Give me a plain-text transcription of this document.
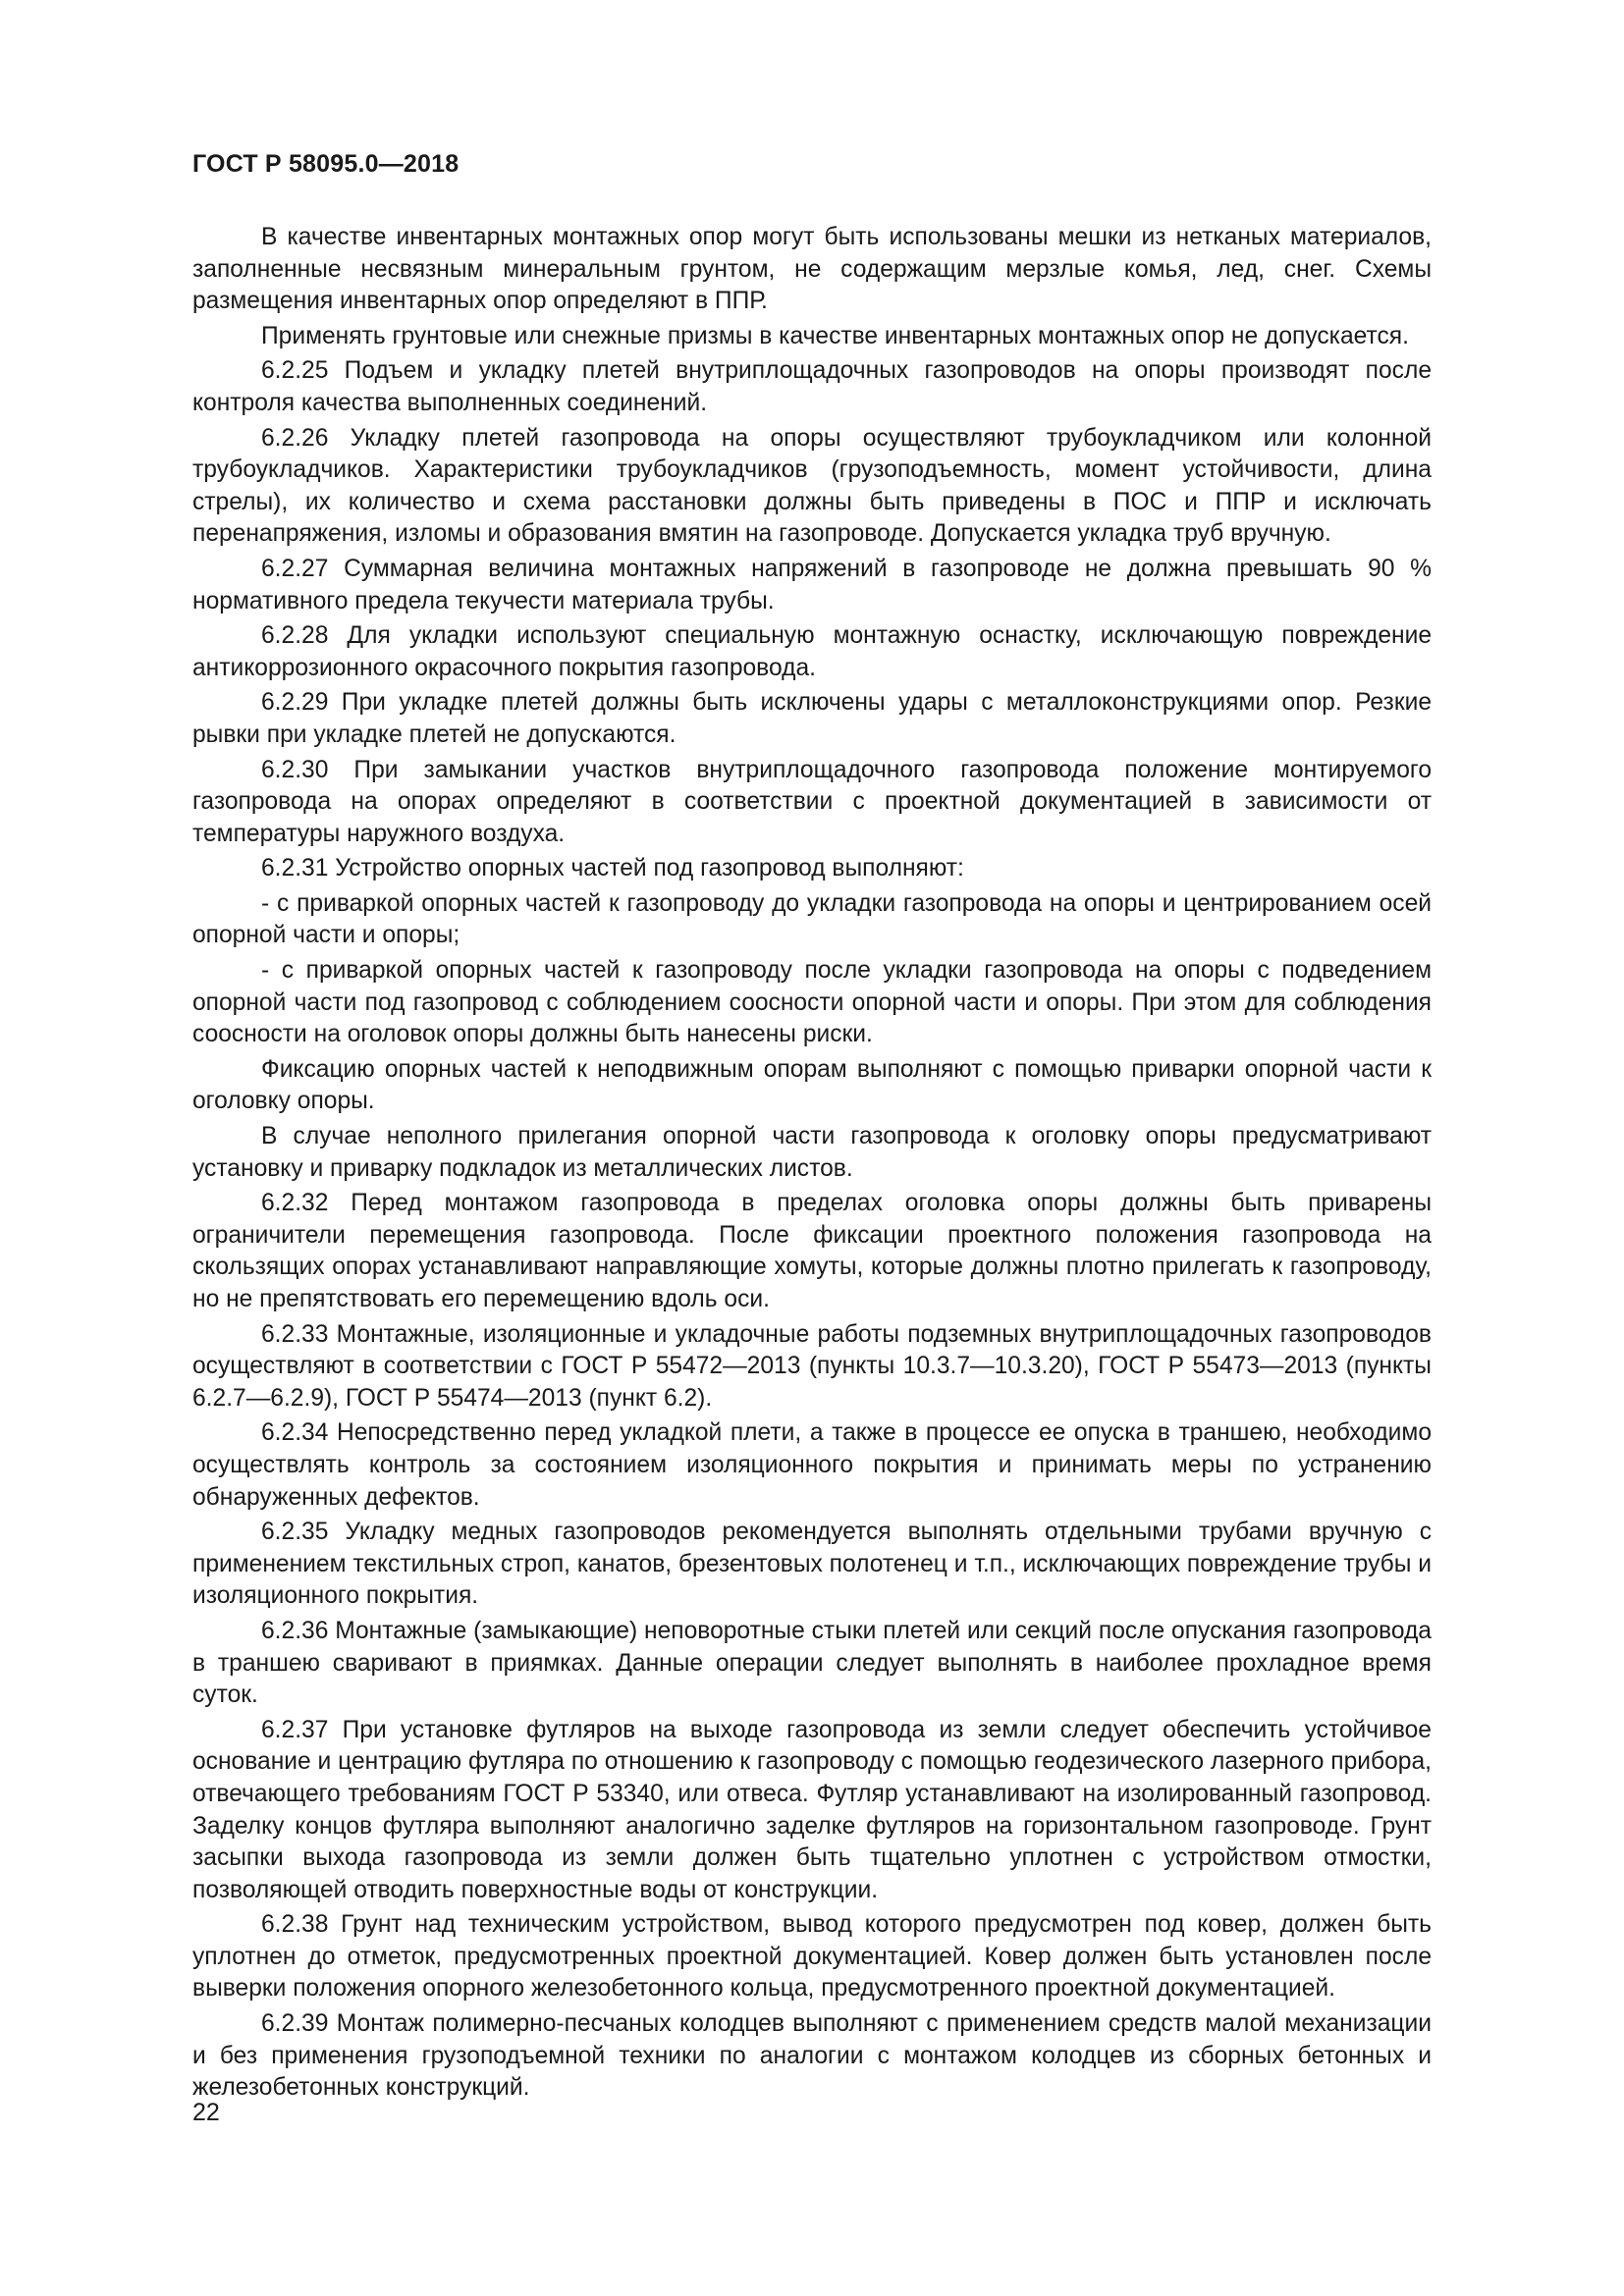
ГОСТ Р 58095.0—2018

В качестве инвентарных монтажных опор могут быть использованы мешки из нетканых материалов, заполненные несвязным минеральным грунтом, не содержащим мерзлые комья, лед, снег. Схемы размещения инвентарных опор определяют в ППР.

Применять грунтовые или снежные призмы в качестве инвентарных монтажных опор не допускается.

6.2.25 Подъем и укладку плетей внутриплощадочных газопроводов на опоры производят после контроля качества выполненных соединений.

6.2.26 Укладку плетей газопровода на опоры осуществляют трубоукладчиком или колонной трубоукладчиков. Характеристики трубоукладчиков (грузоподъемность, момент устойчивости, длина стрелы), их количество и схема расстановки должны быть приведены в ПОС и ППР и исключать перенапряжения, изломы и образования вмятин на газопроводе. Допускается укладка труб вручную.

6.2.27 Суммарная величина монтажных напряжений в газопроводе не должна превышать 90 % нормативного предела текучести материала трубы.

6.2.28 Для укладки используют специальную монтажную оснастку, исключающую повреждение антикоррозионного окрасочного покрытия газопровода.

6.2.29 При укладке плетей должны быть исключены удары с металлоконструкциями опор. Резкие рывки при укладке плетей не допускаются.

6.2.30 При замыкании участков внутриплощадочного газопровода положение монтируемого газопровода на опорах определяют в соответствии с проектной документацией в зависимости от температуры наружного воздуха.

6.2.31 Устройство опорных частей под газопровод выполняют:

- с приваркой опорных частей к газопроводу до укладки газопровода на опоры и центрированием осей опорной части и опоры;

- с приваркой опорных частей к газопроводу после укладки газопровода на опоры с подведением опорной части под газопровод с соблюдением соосности опорной части и опоры. При этом для соблюдения соосности на оголовок опоры должны быть нанесены риски.

Фиксацию опорных частей к неподвижным опорам выполняют с помощью приварки опорной части к оголовку опоры.

В случае неполного прилегания опорной части газопровода к оголовку опоры предусматривают установку и приварку подкладок из металлических листов.

6.2.32 Перед монтажом газопровода в пределах оголовка опоры должны быть приварены ограничители перемещения газопровода. После фиксации проектного положения газопровода на скользящих опорах устанавливают направляющие хомуты, которые должны плотно прилегать к газопроводу, но не препятствовать его перемещению вдоль оси.

6.2.33 Монтажные, изоляционные и укладочные работы подземных внутриплощадочных газопроводов осуществляют в соответствии с ГОСТ Р 55472—2013 (пункты 10.3.7—10.3.20), ГОСТ Р 55473—2013 (пункты 6.2.7—6.2.9), ГОСТ Р 55474—2013 (пункт 6.2).

6.2.34 Непосредственно перед укладкой плети, а также в процессе ее опуска в траншею, необходимо осуществлять контроль за состоянием изоляционного покрытия и принимать меры по устранению обнаруженных дефектов.

6.2.35 Укладку медных газопроводов рекомендуется выполнять отдельными трубами вручную с применением текстильных строп, канатов, брезентовых полотенец и т.п., исключающих повреждение трубы и изоляционного покрытия.

6.2.36 Монтажные (замыкающие) неповоротные стыки плетей или секций после опускания газопровода в траншею сваривают в приямках. Данные операции следует выполнять в наиболее прохладное время суток.

6.2.37 При установке футляров на выходе газопровода из земли следует обеспечить устойчивое основание и центрацию футляра по отношению к газопроводу с помощью геодезического лазерного прибора, отвечающего требованиям ГОСТ Р 53340, или отвеса. Футляр устанавливают на изолированный газопровод. Заделку концов футляра выполняют аналогично заделке футляров на горизонтальном газопроводе. Грунт засыпки выхода газопровода из земли должен быть тщательно уплотнен с устройством отмостки, позволяющей отводить поверхностные воды от конструкции.

6.2.38 Грунт над техническим устройством, вывод которого предусмотрен под ковер, должен быть уплотнен до отметок, предусмотренных проектной документацией. Ковер должен быть установлен после выверки положения опорного железобетонного кольца, предусмотренного проектной документацией.

6.2.39 Монтаж полимерно-песчаных колодцев выполняют с применением средств малой механизации и без применения грузоподъемной техники по аналогии с монтажом колодцев из сборных бетонных и железобетонных конструкций.

22
